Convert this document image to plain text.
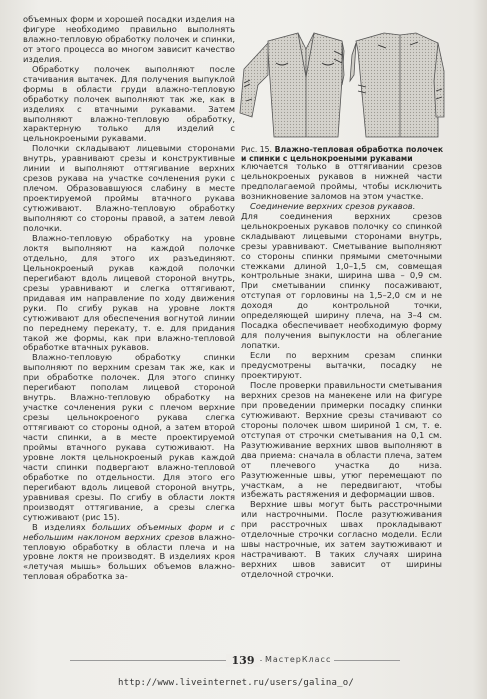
Рис. 15. Влажно-тепловая обработка полочек и спинки с цельнокроеными рукавами

объемных форм и хорошей посадки изделия на фигуре необходимо правильно выполнять влажно-тепловую обработку полочек и спинки, от этого процесса во многом зависит качество изделия.

Обработку полочек выполняют после стачивания вытачек. Для получения выпуклой формы в области груди влажно-тепловую обработку полочек выполняют так же, как в изделиях с втачными рукавами. Затем выполняют влажно-тепловую обработку, характерную только для изделий с цельнокроеными рукавами.

Полочки складывают лицевыми сторонами внутрь, уравнивают срезы и конструктивные линии и выполняют оттягивание верхних срезов рукава на участке сочленения руки с плечом. Образовавшуюся слабину в месте проектируемой проймы втачного рукава сутюживают. Влажно-тепловую обработку выполняют со стороны правой, а затем левой полочки.

Влажно-тепловую обработку на уровне локтя выполняют на каждой полочке отдельно, для этого их разъединяют. Цельнокроеный рукав каждой полочки перегибают вдоль лицевой стороной внутрь, срезы уравнивают и слегка оттягивают, придавая им направление по ходу движения руки. По сгибу рукав на уровне локтя сутюживают для обеспечения вогнутой линии по переднему перекату, т. е. для придания такой же формы, как при влажно-тепловой обработке втачных рукавов.

Влажно-тепловую обработку спинки выполняют по верхним срезам так же, как и при обработке полочек. Для этого спинку перегибают пополам лицевой стороной внутрь. Влажно-тепловую обработку на участке сочленения руки с плечом верхние срезы цельнокроеного рукава слегка оттягивают со стороны одной, а затем второй части спинки, а в месте проектируемой проймы втачного рукава сутюживают. На уровне локтя цельнокроеный рукав каждой части спинки подвергают влажно-тепловой обработке по отдельности. Для этого его перегибают вдоль лицевой стороной внутрь, уравнивая срезы. По сгибу в области локтя производят оттягивание, а срезы слегка сутюживают (рис 15).

В изделиях больших объемных форм и с небольшим наклоном верхних срезов влажно-тепловую обработку в области плеча и на уровне локтя не производят. В изделиях кроя «летучая мышь» больших объемов влажно-тепловая обработка за-

ключается только в оттягивании срезов цельнокроеных рукавов в нижней части предполагаемой проймы, чтобы исключить возникновение заломов на этом участке.

Соединение верхних срезов рукавов.

Для соединения верхних срезов цельнокроеных рукавов полочку со спинкой складывают лицевыми сторонами внутрь, срезы уравнивают. Сметывание выполняют со стороны спинки прямыми сметочными стежками длиной 1,0–1,5 см, совмещая контрольные знаки, ширина шва – 0,9 см. При сметывании спинку посаживают, отступая от горловины на 1,5–2,0 см и не доходя до контрольной точки, определяющей ширину плеча, на 3–4 см. Посадка обеспечивает необходимую форму для получения выпуклости на облегание лопатки.

Если по верхним срезам спинки предусмотрены вытачки, посадку не проектируют.

После проверки правильности сметывания верхних срезов на манекене или на фигуре при проведении примерки посадку спинки сутюживают. Верхние срезы стачивают со стороны полочек швом шириной 1 см, т. е. отступая от строчки сметывания на 0,1 см. Разутюживание верхних швов выполняют в два приема: сначала в области плеча, затем от плечевого участка до низа. Разутюженные швы, утюг перемещают по участкам, а не передвигают, чтобы избежать растяжения и деформации швов.

Верхние швы могут быть расстрочными или настрочными. После разутюживания при расстрочных швах прокладывают отделочные строчки согласно модели. Если швы настрочные, их затем заутюживают и настрачивают. В таких случаях ширина верхних швов зависит от ширины отделочной строчки.

139	МастерКласс
http://www.liveinternet.ru/users/galina_o/
